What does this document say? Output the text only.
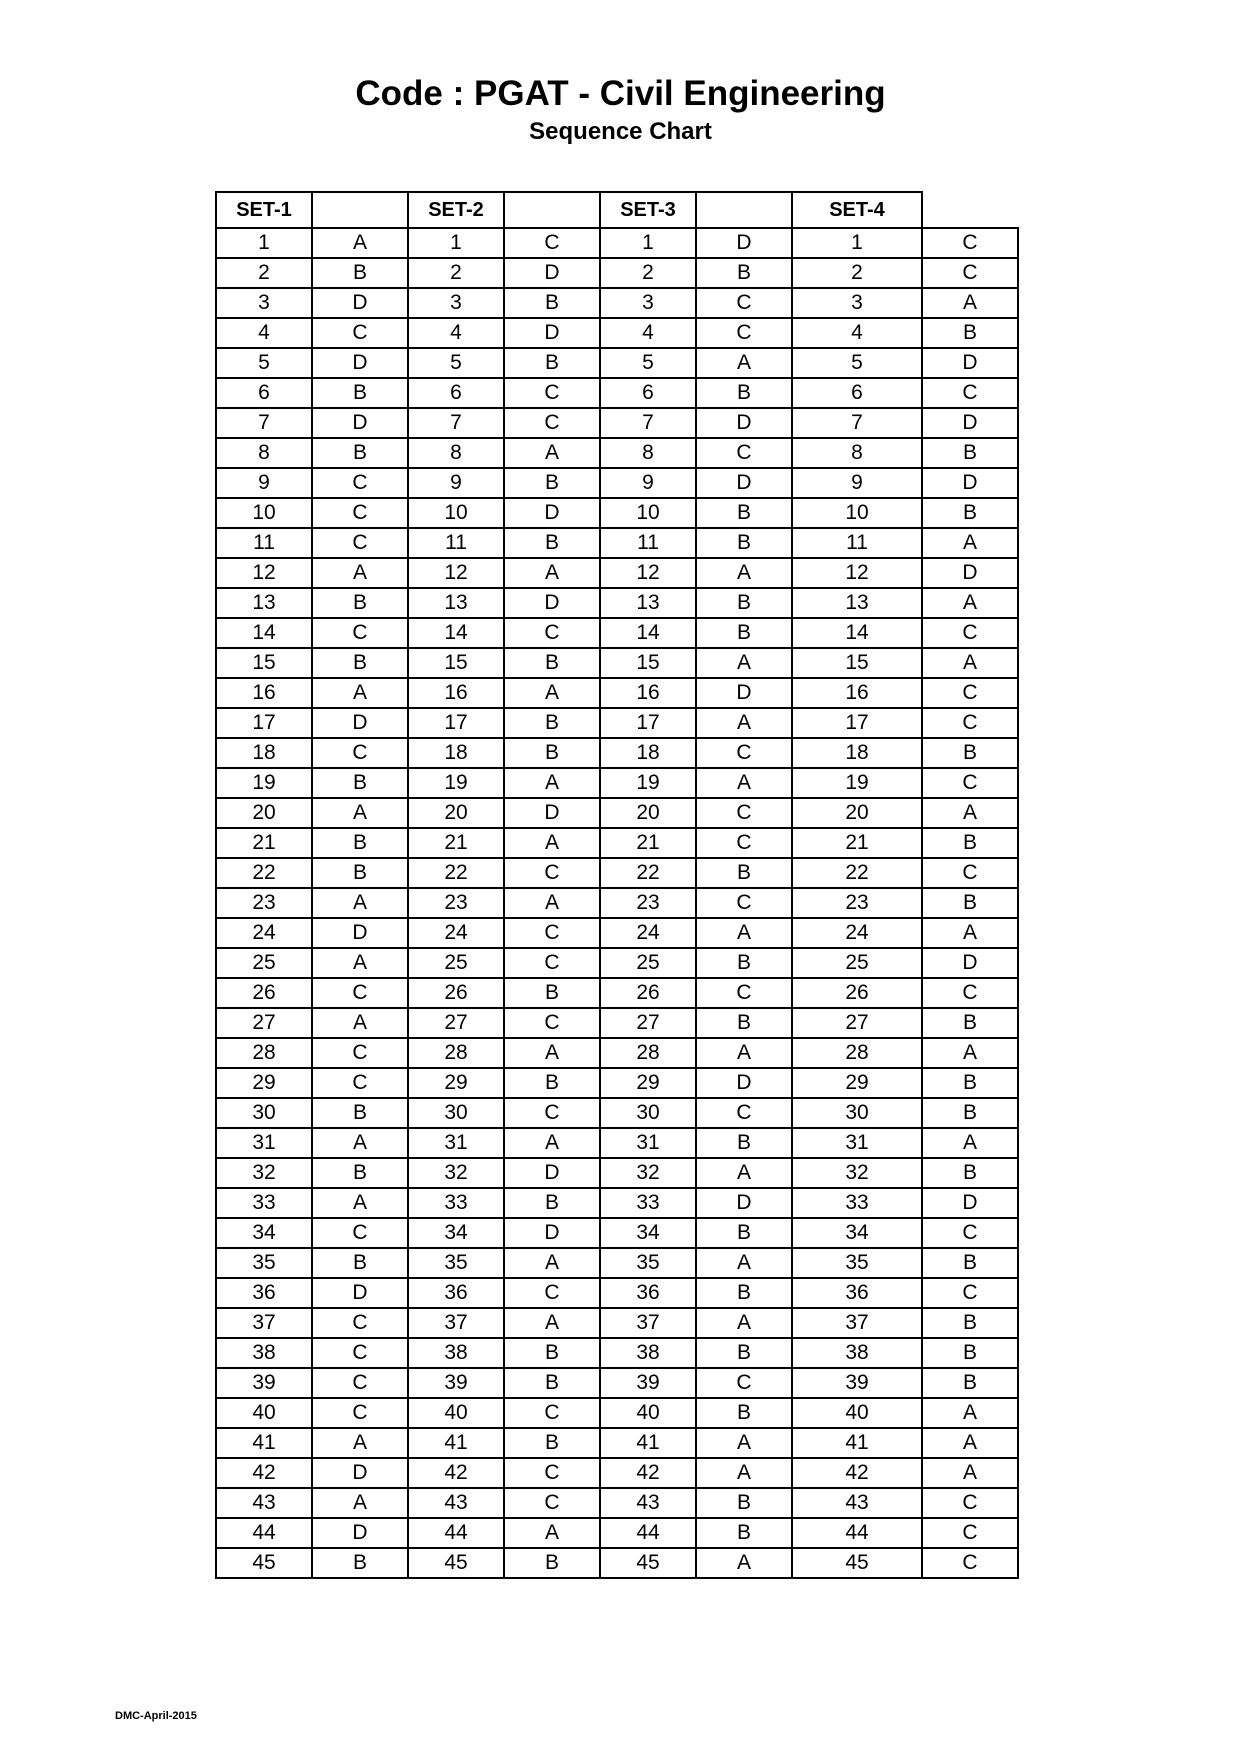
Code : PGAT - Civil Engineering
Sequence Chart
SET-1		SET-2		SET-3		SET-4	
1	A	1	C	1	D	1	C
2	B	2	D	2	B	2	C
3	D	3	B	3	C	3	A
4	C	4	D	4	C	4	B
5	D	5	B	5	A	5	D
6	B	6	C	6	B	6	C
7	D	7	C	7	D	7	D
8	B	8	A	8	C	8	B
9	C	9	B	9	D	9	D
10	C	10	D	10	B	10	B
11	C	11	B	11	B	11	A
12	A	12	A	12	A	12	D
13	B	13	D	13	B	13	A
14	C	14	C	14	B	14	C
15	B	15	B	15	A	15	A
16	A	16	A	16	D	16	C
17	D	17	B	17	A	17	C
18	C	18	B	18	C	18	B
19	B	19	A	19	A	19	C
20	A	20	D	20	C	20	A
21	B	21	A	21	C	21	B
22	B	22	C	22	B	22	C
23	A	23	A	23	C	23	B
24	D	24	C	24	A	24	A
25	A	25	C	25	B	25	D
26	C	26	B	26	C	26	C
27	A	27	C	27	B	27	B
28	C	28	A	28	A	28	A
29	C	29	B	29	D	29	B
30	B	30	C	30	C	30	B
31	A	31	A	31	B	31	A
32	B	32	D	32	A	32	B
33	A	33	B	33	D	33	D
34	C	34	D	34	B	34	C
35	B	35	A	35	A	35	B
36	D	36	C	36	B	36	C
37	C	37	A	37	A	37	B
38	C	38	B	38	B	38	B
39	C	39	B	39	C	39	B
40	C	40	C	40	B	40	A
41	A	41	B	41	A	41	A
42	D	42	C	42	A	42	A
43	A	43	C	43	B	43	C
44	D	44	A	44	B	44	C
45	B	45	B	45	A	45	C
DMC-April-2015
